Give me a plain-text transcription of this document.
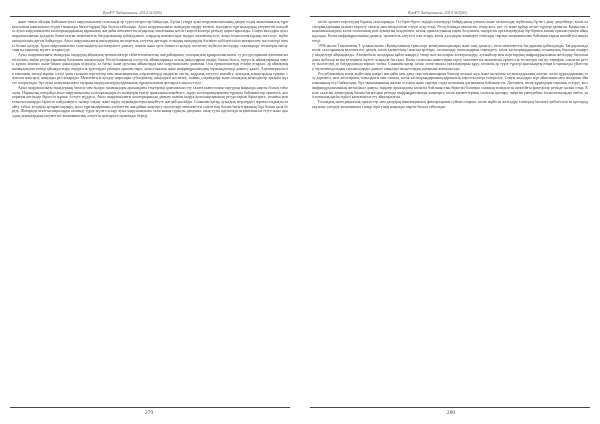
ҚазҰУ Хабаршысы. 2014 №3(56)

және тамыз айлары бойынша ауыл шаруашылығы саласында әр түрлі өзгерістер байқалды. Бүгінгі таңда ауыл шаруашылығының дамуы елдің экономикалық тұрақтылығын қамтамасыз етудегі маңызды бағыттардың бірі болып табылады. Ауыл шаруашылығы өнімдерін өндіру көлемі, ауылдағы тұрғындардың әлеуметтік жағдайы, ауыл шаруашылығы кәсіпорындарының қаржылық жағдайы мемлекеттің аграрлық саясатының негізгі көрсеткіштері ретінде қарастырылады. Соңғы жылдары ауыл шаруашылығын қолдауға бағытталған мемлекеттік бағдарламалар қабылданып, олардың нәтижесінде өндіріс көлемінің өсуі, жаңа технологиялардың енгізілуі, еңбек өнімділігінің артуы байқалуда. Ауыл шаруашылығы өнімдерінің экспорттық әлеуетін арттыру, отандық өнімдердің бәсекеге қабілеттілігін жоғарылату мәселелері өзекті болып қалуда. Ауыл шаруашылығы саласындағы кәсіпкерлікті дамыту, шағын және орта бизнесті қолдау, несиелеу жүйесін жетілдіру, сақтандыру тетіктерін енгізу сияқты шаралар жүзеге асырылуда.

Ауыл шаруашылығы өнімдерін өндірудің аймақтық ерекшеліктері табиғи-климаттық жағдайлармен, топырақтың құнарлылығымен, су ресурстарымен қамтамасыз етілуімен, еңбек ресурстарының болуымен анықталады. Республиканың солтүстік аймақтарында астық дақылдарын өндіру басым болса, оңтүстік аймақтарында мақта, күріш, көкөніс және бақша дақылдары өсіріледі, ал батыс және орталық аймақтарда мал шаруашылығы дамыған. Осы ерекшеліктерді ескере отырып, әр аймақтың мамандануын тиімді ұйымдастыру, өндірістік қуаттарды ұтымды орналастыру, логистикалық және инфрақұрылымдық мүмкіндіктерді дамыту қажет. Агроөнеркәсіптік кешеннің тиімді жұмыс істеуі үшін ғылыми зерттеулер мен инновациялық әзірлемелерді өндіріске енгізу, кадрлық әлеуетті нығайту, ауылдық аумақтардың тұрмыс сапасын жақсарту маңызды рөл атқарады. Мемлекеттік қолдау шаралары субсидиялау, жеңілдікті несиелеу, лизинг, сақтандыру және салықтық жеңілдіктер арқылы жүзеге асырылады, бұл ауыл шаруашылығы тауарын өндірушілердің қаржылық тұрақтылығын арттыруға ықпал етеді.

Ауыл шаруашылығы өнімдерінің бағасы мен өндіріс шығындары арасындағы теңгерімді қамтамасыз ету салаға инвестиция тартудың маңызды шарты болып табылады. Нарықтық жағдайда ауыл шаруашылығы кәсіпорындары өз өнімдерін өткізу арналарын кеңейтуге, өңдеу кәсіпорындарымен тұрақты байланыстар орнатуға, кооперация негізінде бірлесіп жұмыс істеуге мүдделі. Ауыл шаруашылығы кооперациясын дамыту шағын шаруа қожалықтарының ресурстарын біріктіруге, техника мен технологияларды бірлесіп пайдалануға, өнімді сақтау және өңдеу мүмкіндіктерін кеңейтуге жағдай жасайды. Сонымен қатар, ауылдық жерлердегі жұмыссыздықты азайту, табыс көздерін әртараптандыру, ауыл тұрғындарының әлеуметтік жағдайын жақсарту мәселелері мемлекеттік саясаттың басым бағыттарының бірі болып қала береді. Жоғарыда аталған шараларды кешенді түрде жүзеге асыру ауыл шаруашылығы саласының тұрақты дамуына, азық-түлік қауіпсіздігін қамтамасыз етуге және ауылдық аумақтардың әлеуметтік-экономикалық әлеуетін арттыруға мүмкіндік береді.

279
ҚазҰУ Хабаршысы. 2014 №3(56)

көлігі қызмет көрсетудің барлық салаларында. Ол бірте-бірте, өндіріс көлемдері байқаудыың ұлғаюы және тасымалдау жүйесінің бүгінгі даму деңгейінде, көлік кәсіпорындарының қызмет көрсету сапасы мен тиімділігіне елеулі әсер етеді. Республикада автокөлік, темір жол, әуе, су және құбыр көлігі түрлері дамыған. Қазақстан экономикасындағы көлік саласының рөлі аумақтың кеңдігімен, халық орналасуының сирек болуымен, өндірістік орталықтардың бір-бірінен алшақ орналасуымен айқындалады. Көлік инфрақұрылымын дамыту, транзиттік әлеуетті іске асыру, көлік дәліздерін жаңғырту еліміздің сыртқы экономикалық байланыстарын нығайтуға ықпал етеді.

1996 жылы Тимашевтің Т. ұсынысымен «Қазақстанның транспорт коммуникациялары және оны дамыту» атты мемлекеттік бағдарлама қабылданды. Бағдарламада көлік салаларының келешектегі дамуы, көлік қызметінің сапасын арттыру, тасымалдау шығындарын төмендету, көлік кәсіпорындарының техникалық базасын жаңарту міндеттері айқындалды. Автомобиль жолдарын қайта жаңарту, темір жол желілерін электрлендіру, әуежайлар мен порттардың инфрақұрылымын жетілдіру бағытындағы жобалар кезең-кезеңімен жүзеге асырыла бастады. Көлік саласына инвестиция тарту, мемлекеттік-жекешелік әріптестік тетіктерін енгізу, тарифтік саясатты реттеу мәселелері де бағдарламада көрініс тапты. Сонымен қатар, көлік логистикасы орталықтарын құру, көліктің әр түрлі түрлері арасындағы өзара іс-қимылды үйлестіру, мультимодальдық тасымалдарды дамыту маңызды міндеттердің қатарына жатқызылды.

Республиканың көлік жүйесінің қазіргі жағдайы мен даму перспективаларын бағалау кезінде жүк және жолаушы тасымалдарының көлемі, көлік құралдарының тозу дәрежесі, жол желілерінің тығыздығы мен сапасы, көлік кәсіпорындарының қаржылық көрсеткіштері ескеріледі. Соңғы жылдары жүк айналымы мен жолаушы айналымының өсуі байқалады, бұл экономиканың жалпы өсуімен және сыртқы сауда көлемінің ұлғаюымен байланысты. Дегенмен, көлік құралдары паркінің ескіруі, жол инфрақұрылымының жеткіліксіз дамуы, өңірлер арасындағы көліктік байланыстың біркелкі болмауы саланың тиімділігін шектейтін факторлар ретінде қалып отыр. Көлік саласын дамытудың басым бағыттары ретінде инфрақұрылымды жаңғырту, көлік қызметтерінің сапасын арттыру, энергия үнемдейтін технологияларды енгізу, экологиялық қауіпсіздікті қамтамасыз ету айқындалған.

Ғаламдық интеграциялық процестер мен дамудың инновациялық факторларына сүйене отырып, көлік жүйесін жетілдіру еліміздің бәсекеге қабілеттілігін арттырудың және әлемдік экономикаға тиімді кірігуінің маңызды шарты болып табылады.

280
